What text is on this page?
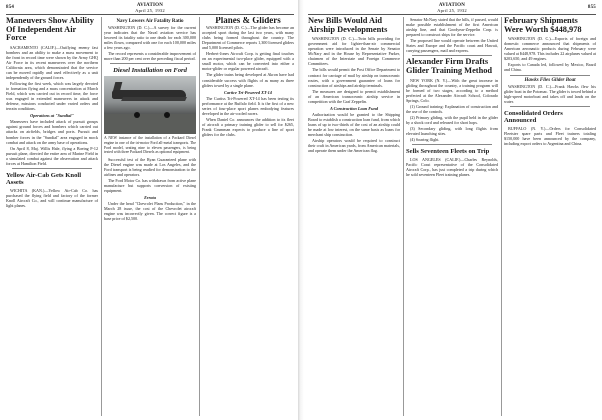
854	AVIATION
April 25, 1932
Maneuvers Show Ability Of Independent Air Force

SACRAMENTO (CALIF.)—Outflying enemy fast bombers and an ability to make a mass movement to the front in record time were shown by the Army GHQ Air Force in its recent maneuvers over the northern California area, which demonstrated that the service can be moved rapidly and used effectively as a unit independently of the ground forces.

Following the first week, which was largely devoted to formation flying and a mass concentration at March Field, which was carried out in record time, the force was engaged in extended maneuvers in attack and defense, missions conducted under varied orders and terrain conditions.

Operations at "Sundial"

Maneuvers have included attack of pursuit groups against ground forces and bombers which carried out attacks on airfields, bridges and ports. Pursuit and bomber forces in the "Sundial" area engaged in mock combat and attack on the army base of operations.

On April 8, Maj. Willis Hale, flying a Boeing P-12 pursuit plane, directed the entire arm of Marine Field in a simulated combat against the observation and attack forces at Hamilton Field.

Yellow Air-Cab Gets Knoll Assets

WICHITA (KAN.)—Yellow Air-Cab Co. has purchased the flying field and factory of the former Knoll Aircraft Co., and will continue manufacture of light planes.

Navy Lowers Air Fatality Ratio

WASHINGTON (D. C.)—A survey for the current year indicates that the Naval aviation service has lowered its fatality ratio to one death for each 300,000 miles flown, compared with one for each 100,000 miles a few years ago.

The record represents a considerable improvement of more than 200 per cent over the preceding fiscal period.

Diesel Installation on Ford
A NEW instance of the installation of a Packard Diesel engine in one of the tri-motor Ford all-metal transports. The Ford model, seating nine to eleven passengers, is being tested with three Packard Diesels as optional equipment.

Successful test of the Ryan Guaranteed plane with the Diesel engine was made at Los Angeles, and the Ford transport is being readied for demonstration to the airlines and operators.

The Ford Motor Co. has withdrawn from active plane manufacture but supports conversion of existing equipment.

Errata

Under the head "Chevrolet Plans Production," in the March 28 issue, the cost of the Chevrolet aircraft engine was incorrectly given. The correct figure is a base price of $2,500.

Planes & Gliders

WASHINGTON (D. C.)—The glider has become an accepted sport during the last two years, with many clubs being formed throughout the country. The Department of Commerce reports 1,300 licensed gliders and 5,000 licensed pilots.

Herbert-Jones Aircraft Corp. is getting final touches on an experimental two-place glider, equipped with a small motor, which can be converted into either a motor-glider or regular powered aircraft.

The glider trains being developed at Akron have had considerable success with flights of as many as three gliders towed by a single plane.

Cartice Tri-Powered XT-14

The Curtiss Tri-Powered XT-14 has been testing its performance at the Buffalo field. It is the first of a new series of four-place sport planes embodying features developed in the air-cooled racers.

When Daniel Co. announces the addition to its fleet of aircraft a primary training glider to sell for $265, Frank Grumman expects to produce a line of sport gliders for the clubs.

AVIATION
April 25, 1932
855
New Bills Would Aid Airship Developments

WASHINGTON (D. C.)—Twin bills providing for government aid for lighter-than-air commercial operation were introduced in the Senate by Senator McNary and in the House by Representative Parker, chairmen of the Interstate and Foreign Commerce Committees.

The bills would permit the Post Office Department to contract for carriage of mail by airship on transoceanic routes, with a government guarantee of loans for construction of airships and airship terminals.

The measures are designed to permit establishment of an American transoceanic airship service in competition with the Graf Zeppelin.

A Construction Loan Fund

Authorization would be granted to the Shipping Board to establish a construction loan fund, from which loans of up to two-thirds of the cost of an airship could be made at low interest, on the same basis as loans for merchant ship construction.

Airship operators would be required to construct their craft in American yards, from American materials, and operate them under the American flag.

Senator McNary stated that the bills, if passed, would make possible establishment of the first American airship line, and that Goodyear-Zeppelin Corp. is prepared to construct ships for the service.

The proposed line would operate between the United States and Europe and the Pacific coast and Hawaii, carrying passengers, mail and express.

Alexander Firm Drafts Glider Training Method

NEW YORK (N. Y.)—With the great increase in gliding throughout the country, a training program will be formed of two stages, according to a method perfected at the Alexander Aircraft School, Colorado Springs, Colo.

(1) Ground training: Explanation of construction and the use of the controls.

(2) Primary gliding, with the pupil held in the glider by a shock cord and released for short hops.

(3) Secondary gliding, with long flights from elevated launching sites.

(4) Soaring flight.

Sells Seventeen Fleets on Trip

LOS ANGELES (CALIF.)—Charles Reynolds, Pacific Coast representative of the Consolidated Aircraft Corp., has just completed a trip during which he sold seventeen Fleet training planes.

February Shipments Were Worth $448,978

WASHINGTON (D. C.)—Exports of foreign and domestic commerce announced that shipments of American aeronautic products during February were valued at $448,978. This includes 22 airplanes valued at $203,650, and 49 engines.

Exports to Canada led, followed by Mexico, Brazil and China.

Hawks Flies Glider Boat

WASHINGTON (D. C.)—Frank Hawks flew his glider boat in the Potomac. The glider is towed behind a high-speed motorboat and takes off and lands on the water.

Consolidated Orders Announced

BUFFALO (N. Y.)—Orders for Consolidated Fleetster spare parts and Fleet trainers totaling $150,000 have been announced by the company, including export orders to Argentina and China.
